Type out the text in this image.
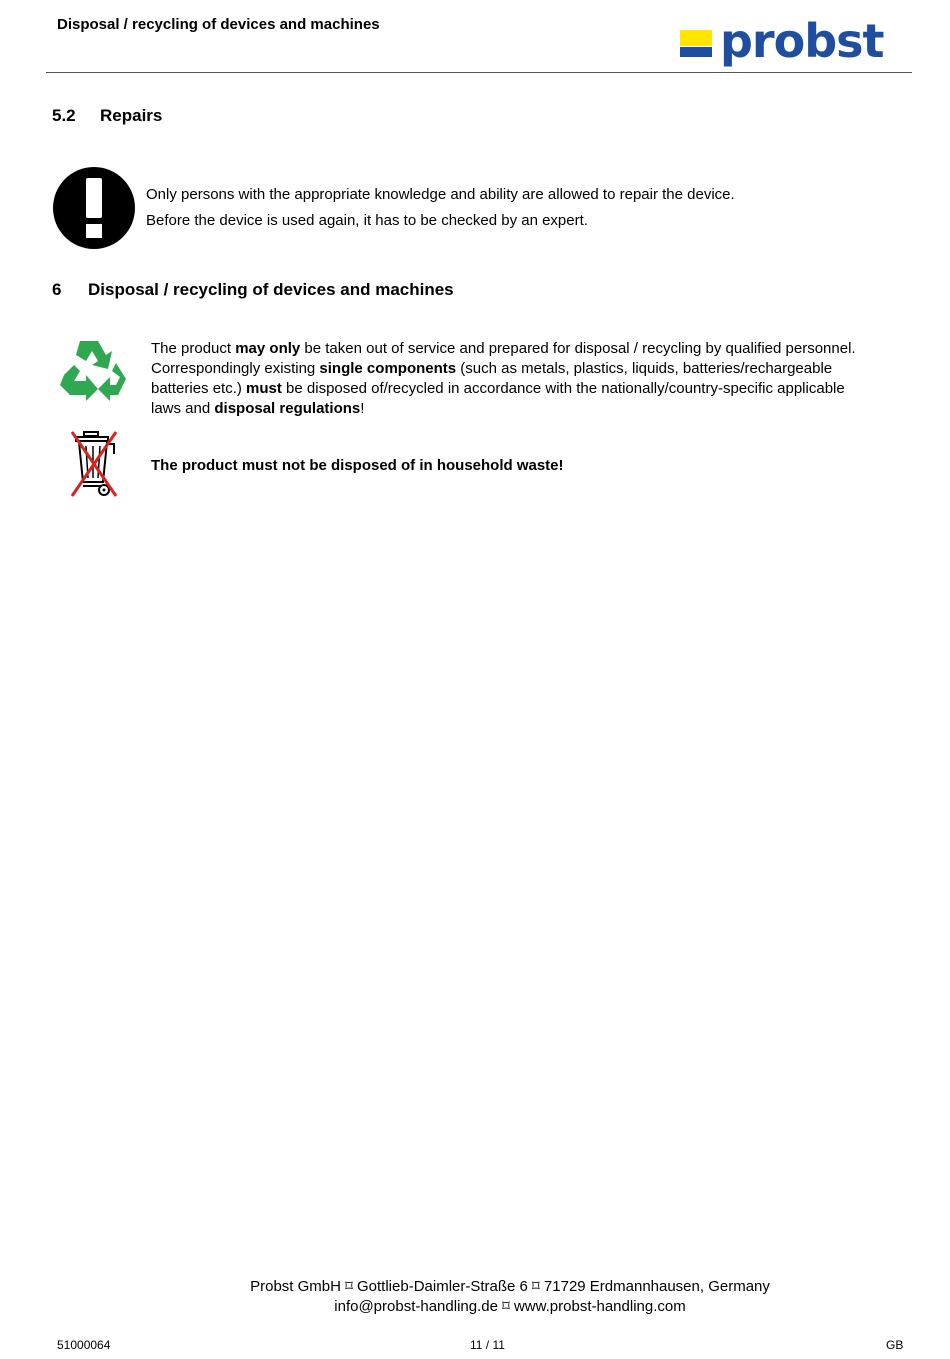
Disposal / recycling of devices and machines	probst
5.2 Repairs
Only persons with the appropriate knowledge and ability are allowed to repair the device.
Before the device is used again, it has to be checked by an expert.
6 Disposal / recycling of devices and machines
The product may only be taken out of service and prepared for disposal / recycling by qualified personnel.
Correspondingly existing single components (such as metals, plastics, liquids, batteries/rechargeable
batteries etc.) must be disposed of/recycled in accordance with the nationally/country-specific applicable
laws and disposal regulations!
The product must not be disposed of in household waste!
Probst GmbH ⌑ Gottlieb-Daimler-Straße 6 ⌑ 71729 Erdmannhausen, Germany
info@probst-handling.de ⌑ www.probst-handling.com
51000064	11 / 11	GB
